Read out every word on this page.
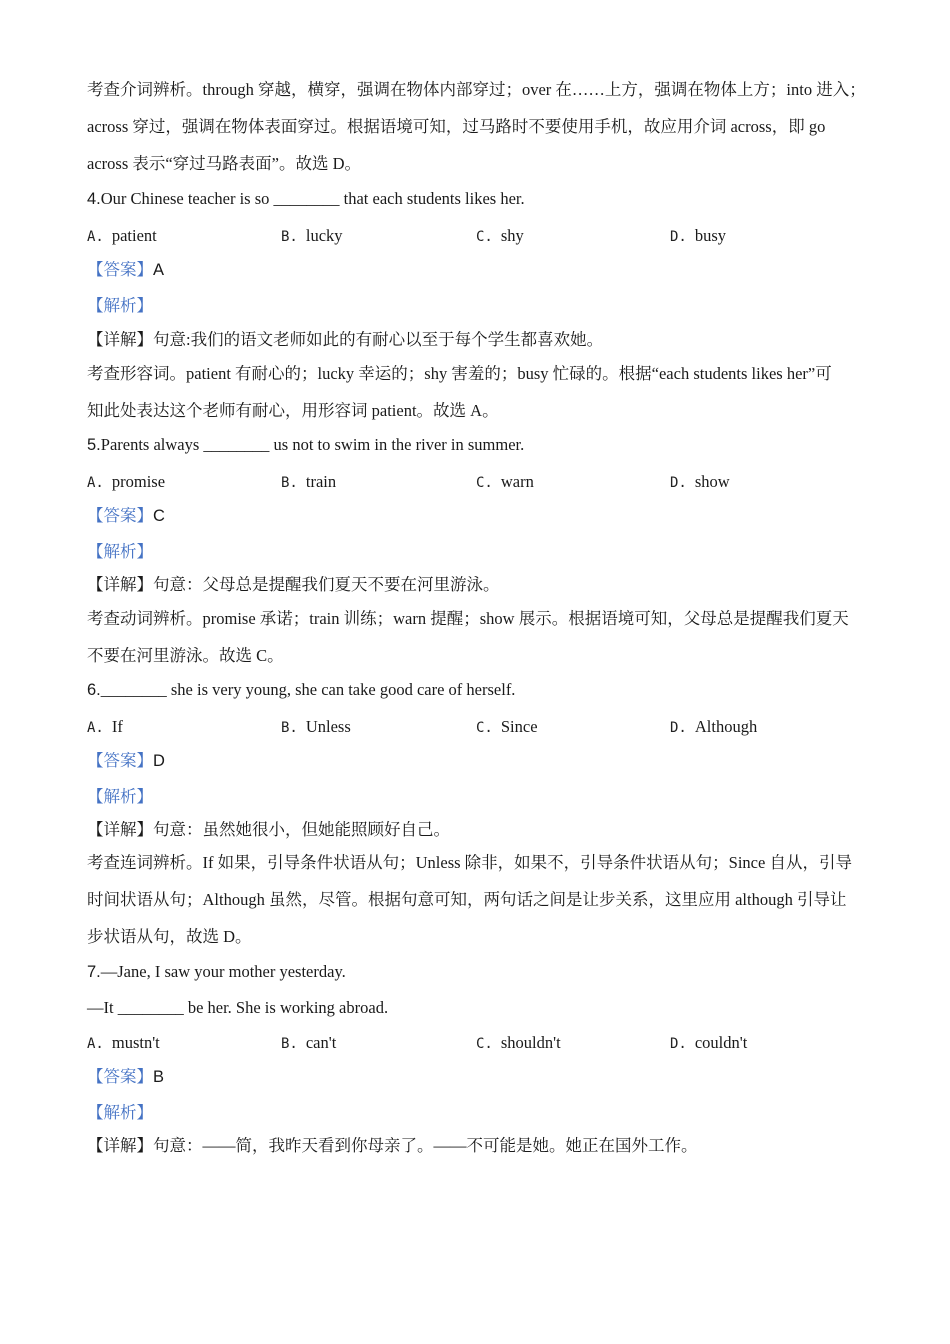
考查介词辨析。through 穿越，横穿，强调在物体内部穿过；over 在……上方，强调在物体上方；into 进入；
across 穿过，强调在物体表面穿过。根据语境可知，过马路时不要使用手机，故应用介词 across，即 go
across 表示“穿过马路表面”。故选 D。
4.Our Chinese teacher is so ________ that each students likes her.
A. patient	B. lucky	C. shy	D. busy
【答案】A
【解析】
【详解】句意:我们的语文老师如此的有耐心以至于每个学生都喜欢她。
考查形容词。patient 有耐心的；lucky 幸运的；shy 害羞的；busy 忙碌的。根据“each students likes her”可
知此处表达这个老师有耐心，用形容词 patient。故选 A。
5.Parents always ________ us not to swim in the river in summer.
A. promise	B. train	C. warn	D. show
【答案】C
【解析】
【详解】句意：父母总是提醒我们夏天不要在河里游泳。
考查动词辨析。promise 承诺；train 训练；warn 提醒；show 展示。根据语境可知，父母总是提醒我们夏天
不要在河里游泳。故选 C。
6.________ she is very young, she can take good care of herself.
A. If	B. Unless	C. Since	D. Although
【答案】D
【解析】
【详解】句意：虽然她很小，但她能照顾好自己。
考查连词辨析。If 如果，引导条件状语从句；Unless 除非，如果不，引导条件状语从句；Since 自从，引导
时间状语从句；Although 虽然，尽管。根据句意可知，两句话之间是让步关系，这里应用 although 引导让
步状语从句，故选 D。
7.—Jane, I saw your mother yesterday.
—It ________ be her. She is working abroad.
A. mustn't	B. can't	C. shouldn't	D. couldn't
【答案】B
【解析】
【详解】句意：——简，我昨天看到你母亲了。——不可能是她。她正在国外工作。
